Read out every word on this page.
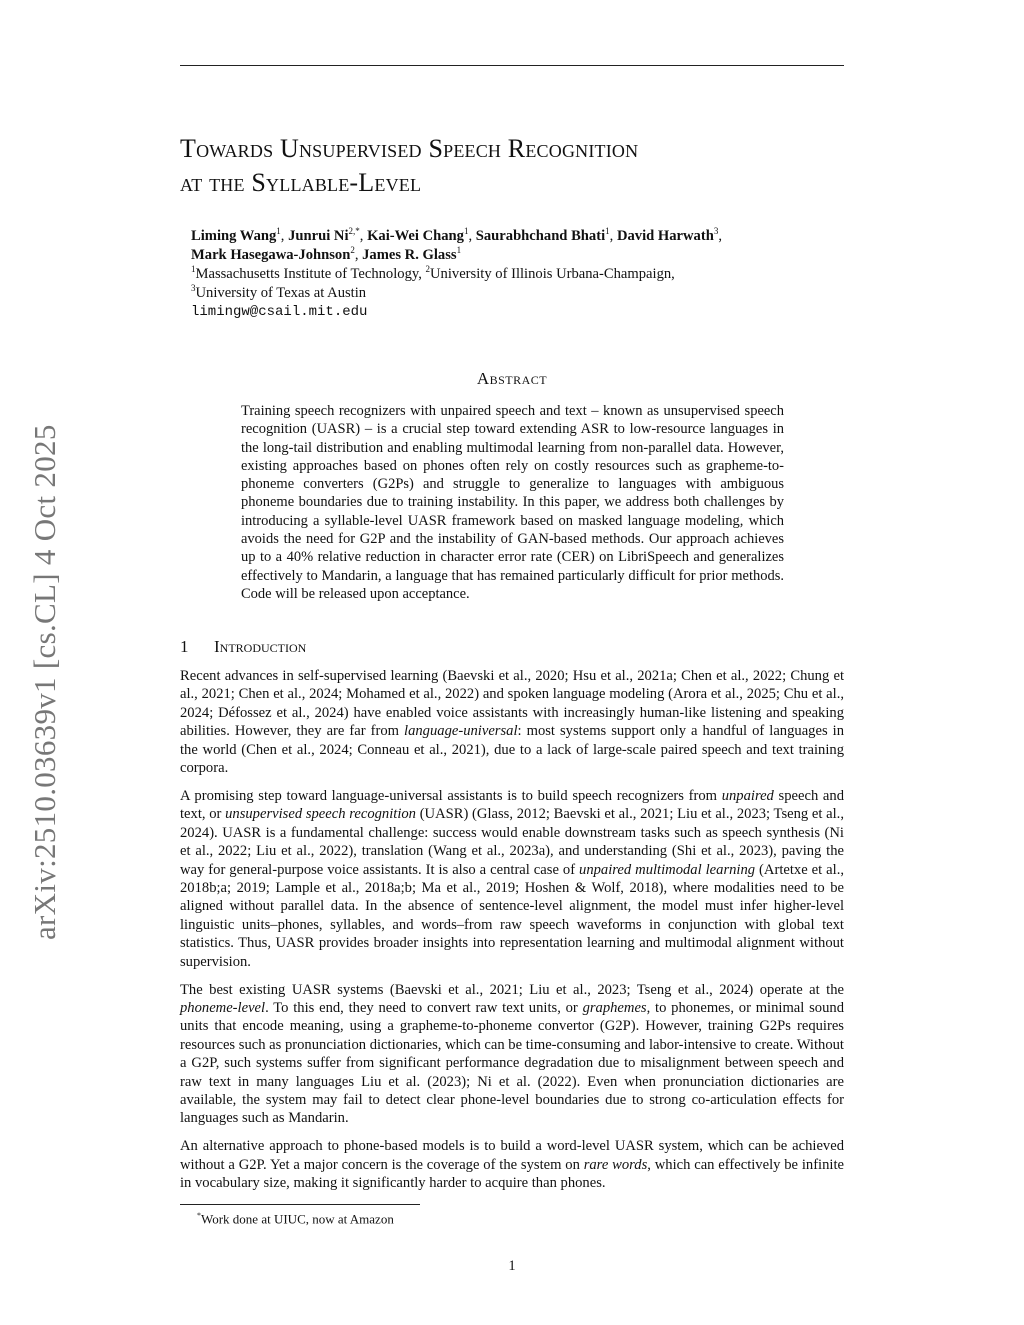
arXiv:2510.03639v1 [cs.CL] 4 Oct 2025
Towards Unsupervised Speech Recognition
at the Syllable-Level
Liming Wang$^1$, Junrui $Ni^{2,*}$, Kai-Wei Chang$^1$, Saurabhchand Bhati$^1$, David Harwath$^3$,
Mark Hasegawa-Johnson$^2$, James R. Glass$^1$
$^1$Massachusetts Institute of Technology, $^2$University of Illinois Urbana-Champaign,
$^3$University of Texas at Austin
limingw@csail.mit.edu
Abstract
Training speech recognizers with unpaired speech and text – known as unsupervised speech recognition (UASR) – is a crucial step toward extending ASR to low-resource languages in the long-tail distribution and enabling multimodal learning from non-parallel data. However, existing approaches based on phones often rely on costly resources such as grapheme-to-phoneme converters (G2Ps) and struggle to generalize to languages with ambiguous phoneme boundaries due to training instability. In this paper, we address both challenges by introducing a syllable-level UASR framework based on masked language modeling, which avoids the need for G2P and the instability of GAN-based methods. Our approach achieves up to a 40% relative reduction in character error rate (CER) on LibriSpeech and generalizes effectively to Mandarin, a language that has remained particularly difficult for prior methods. Code will be released upon acceptance.
1 Introduction

Recent advances in self-supervised learning (Baevski et al., 2020; Hsu et al., 2021a; Chen et al., 2022; Chung et al., 2021; Chen et al., 2024; Mohamed et al., 2022) and spoken language modeling (Arora et al., 2025; Chu et al., 2024; Défossez et al., 2024) have enabled voice assistants with increasingly human-like listening and speaking abilities. However, they are far from language-universal: most systems support only a handful of languages in the world (Chen et al., 2024; Conneau et al., 2021), due to a lack of large-scale paired speech and text training corpora.

A promising step toward language-universal assistants is to build speech recognizers from unpaired speech and text, or unsupervised speech recognition (UASR) (Glass, 2012; Baevski et al., 2021; Liu et al., 2023; Tseng et al., 2024). UASR is a fundamental challenge: success would enable downstream tasks such as speech synthesis (Ni et al., 2022; Liu et al., 2022), translation (Wang et al., 2023a), and understanding (Shi et al., 2023), paving the way for general-purpose voice assistants. It is also a central case of unpaired multimodal learning (Artetxe et al., 2018b;a; 2019; Lample et al., 2018a;b; Ma et al., 2019; Hoshen & Wolf, 2018), where modalities need to be aligned without parallel data. In the absence of sentence-level alignment, the model must infer higher-level linguistic units–phones, syllables, and words–from raw speech waveforms in conjunction with global text statistics. Thus, UASR provides broader insights into representation learning and multimodal alignment without supervision.

The best existing UASR systems (Baevski et al., 2021; Liu et al., 2023; Tseng et al., 2024) operate at the phoneme-level. To this end, they need to convert raw text units, or graphemes, to phonemes, or minimal sound units that encode meaning, using a grapheme-to-phoneme convertor (G2P). However, training G2Ps requires resources such as pronunciation dictionaries, which can be time-consuming and labor-intensive to create. Without a G2P, such systems suffer from significant performance degradation due to misalignment between speech and raw text in many languages Liu et al. (2023); Ni et al. (2022). Even when pronunciation dictionaries are available, the system may fail to detect clear phone-level boundaries due to strong co-articulation effects for languages such as Mandarin.

An alternative approach to phone-based models is to build a word-level UASR system, which can be achieved without a G2P. Yet a major concern is the coverage of the system on rare words, which can effectively be infinite in vocabulary size, making it significantly harder to acquire than phones.

*Work done at UIUC, now at Amazon
1
